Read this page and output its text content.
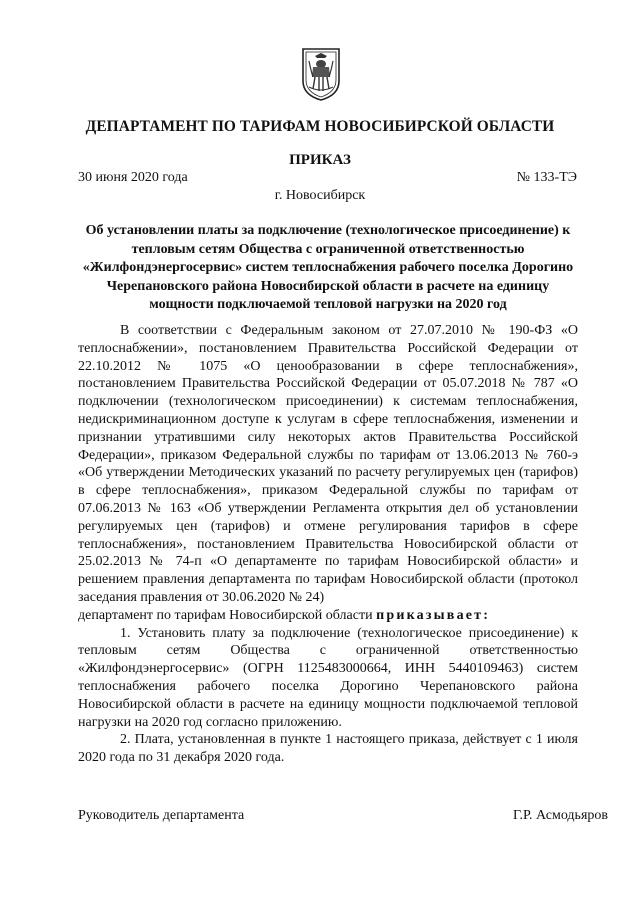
ДЕПАРТАМЕНТ ПО ТАРИФАМ НОВОСИБИРСКОЙ ОБЛАСТИ
ПРИКАЗ
30 июня 2020 года	№ 133-ТЭ
г. Новосибирск
Об установлении платы за подключение (технологическое присоединение) к тепловым сетям Общества с ограниченной ответственностью «Жилфондэнергосервис» систем теплоснабжения рабочего поселка Дорогино Черепановского района Новосибирской области в расчете на единицу мощности подключаемой тепловой нагрузки на 2020 год

В соответствии с Федеральным законом от 27.07.2010 № 190-ФЗ «О теплоснабжении», постановлением Правительства Российской Федерации от 22.10.2012 № 1075 «О ценообразовании в сфере теплоснабжения», постановлением Правительства Российской Федерации от 05.07.2018 № 787 «О подключении (технологическом присоединении) к системам теплоснабжения, недискриминационном доступе к услугам в сфере теплоснабжения, изменении и признании утратившими силу некоторых актов Правительства Российской Федерации», приказом Федеральной службы по тарифам от 13.06.2013 № 760-э «Об утверждении Методических указаний по расчету регулируемых цен (тарифов) в сфере теплоснабжения», приказом Федеральной службы по тарифам от 07.06.2013 № 163 «Об утверждении Регламента открытия дел об установлении регулируемых цен (тарифов) и отмене регулирования тарифов в сфере теплоснабжения», постановлением Правительства Новосибирской области от 25.02.2013 № 74-п «О департаменте по тарифам Новосибирской области» и решением правления департамента по тарифам Новосибирской области (протокол заседания правления от 30.06.2020 № 24)

департамент по тарифам Новосибирской области приказывает:

1. Установить плату за подключение (технологическое присоединение) к тепловым сетям Общества с ограниченной ответственностью «Жилфондэнергосервис» (ОГРН 1125483000664, ИНН 5440109463) систем теплоснабжения рабочего поселка Дорогино Черепановского района Новосибирской области в расчете на единицу мощности подключаемой тепловой нагрузки на 2020 год согласно приложению.

2. Плата, установленная в пункте 1 настоящего приказа, действует с 1 июля 2020 года по 31 декабря 2020 года.

Руководитель департамента	Г.Р. Асмодьяров
